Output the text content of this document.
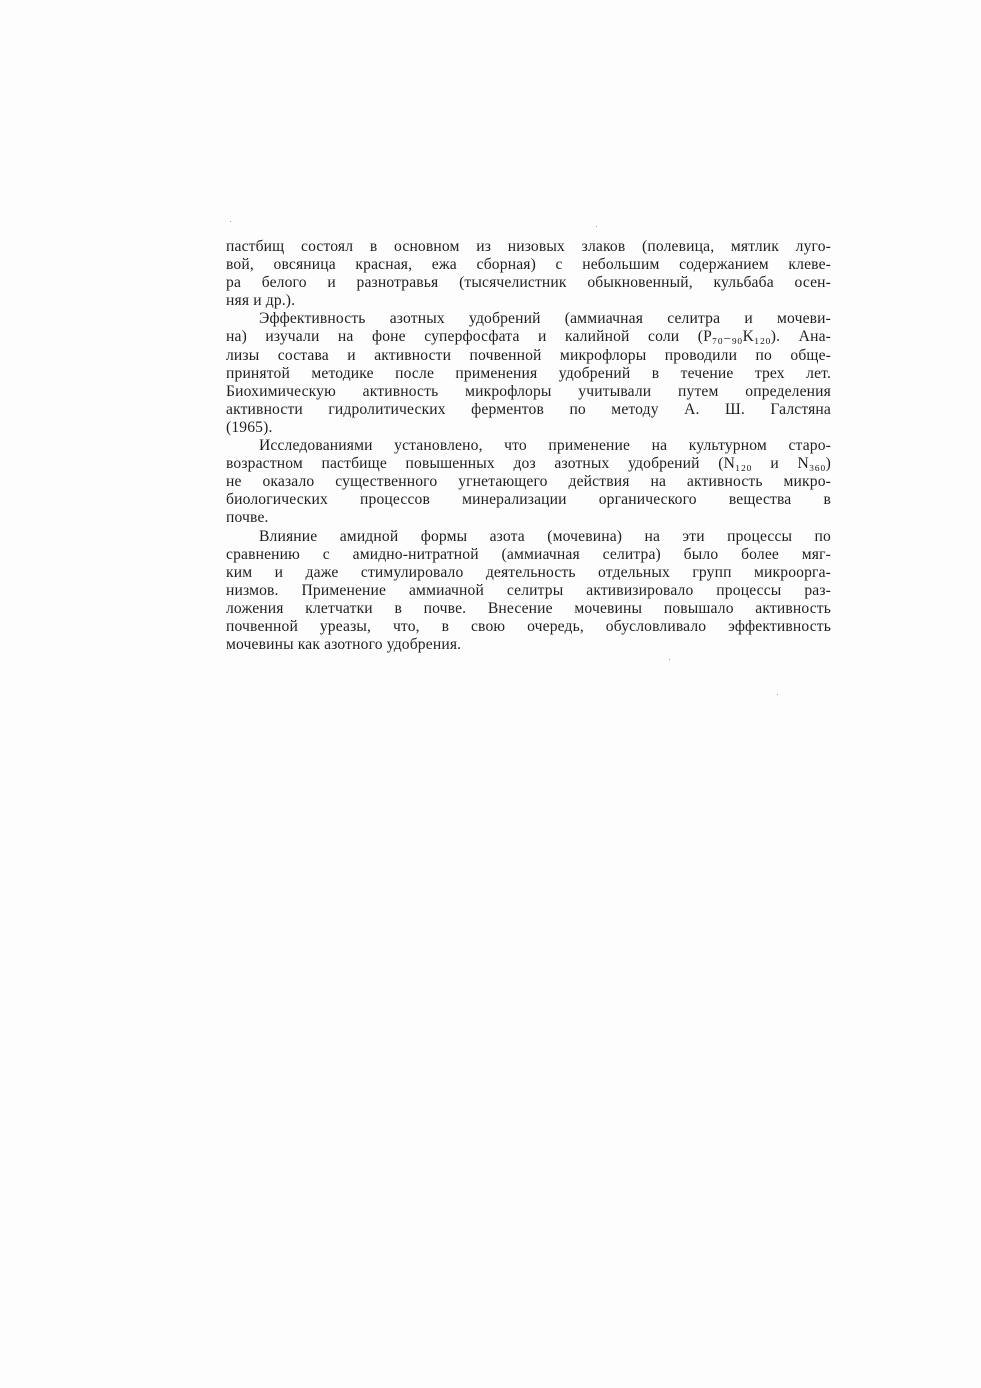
пастбищ состоял в основном из низовых злаков (полевица, мятлик луго-
вой, овсяница красная, ежа сборная) с небольшим содержанием клеве-
ра белого и разнотравья (тысячелистник обыкновенный, кульбаба осен-
няя и др.).

Эффективность азотных удобрений (аммиачная селитра и мочеви-
на) изучали на фоне суперфосфата и калийной соли (P₇₀₋₉₀K₁₂₀). Ана-
лизы состава и активности почвенной микрофлоры проводили по обще-
принятой методике после применения удобрений в течение трех лет.
Биохимическую активность микрофлоры учитывали путем определения
активности гидролитических ферментов по методу А. Ш. Галстяна
(1965).

Исследованиями установлено, что применение на культурном старо-
возрастном пастбище повышенных доз азотных удобрений (N₁₂₀ и N₃₆₀)
не оказало существенного угнетающего действия на активность микро-
биологических процессов минерализации органического вещества в
почве.

Влияние амидной формы азота (мочевина) на эти процессы по
сравнению с амидно-нитратной (аммиачная селитра) было более мяг-
ким и даже стимулировало деятельность отдельных групп микроорга-
низмов. Применение аммиачной селитры активизировало процессы раз-
ложения клетчатки в почве. Внесение мочевины повышало активность
почвенной уреазы, что, в свою очередь, обусловливало эффективность
мочевины как азотного удобрения.
